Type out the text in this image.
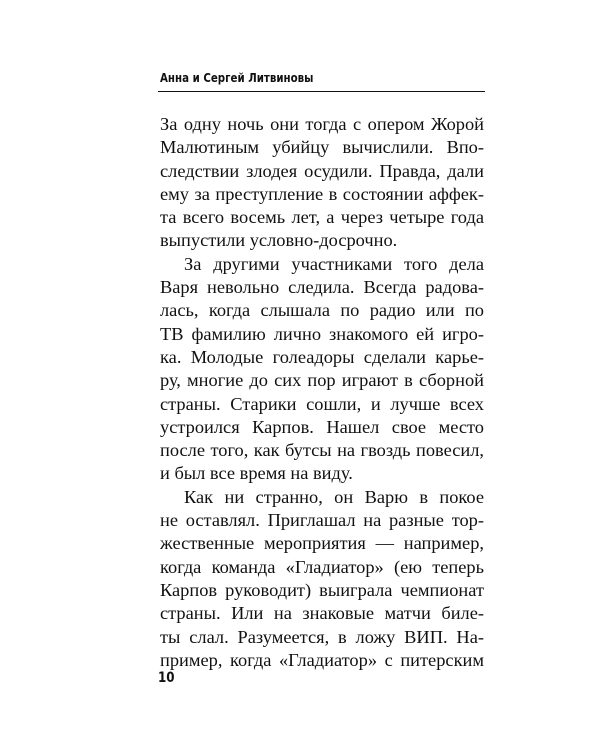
Анна и Сергей Литвиновы
За одну ночь они тогда с опером Жорой
Малютиным убийцу вычислили. Впо-
следствии злодея осудили. Правда, дали
ему за преступление в состоянии аффек-
та всего восемь лет, а через четыре года
выпустили условно-досрочно.
За другими участниками того дела
Варя невольно следила. Всегда радова-
лась, когда слышала по радио или по
ТВ фамилию лично знакомого ей игро-
ка. Молодые голеадоры сделали карье-
ру, многие до сих пор играют в сборной
страны. Старики сошли, и лучше всех
устроился Карпов. Нашел свое место
после того, как бутсы на гвоздь повесил,
и был все время на виду.
Как ни странно, он Варю в покое
не оставлял. Приглашал на разные тор-
жественные мероприятия — например,
когда команда «Гладиатор» (ею теперь
Карпов руководит) выиграла чемпионат
страны. Или на знаковые матчи биле-
ты слал. Разумеется, в ложу ВИП. На-
пример, когда «Гладиатор» с питерским
10
